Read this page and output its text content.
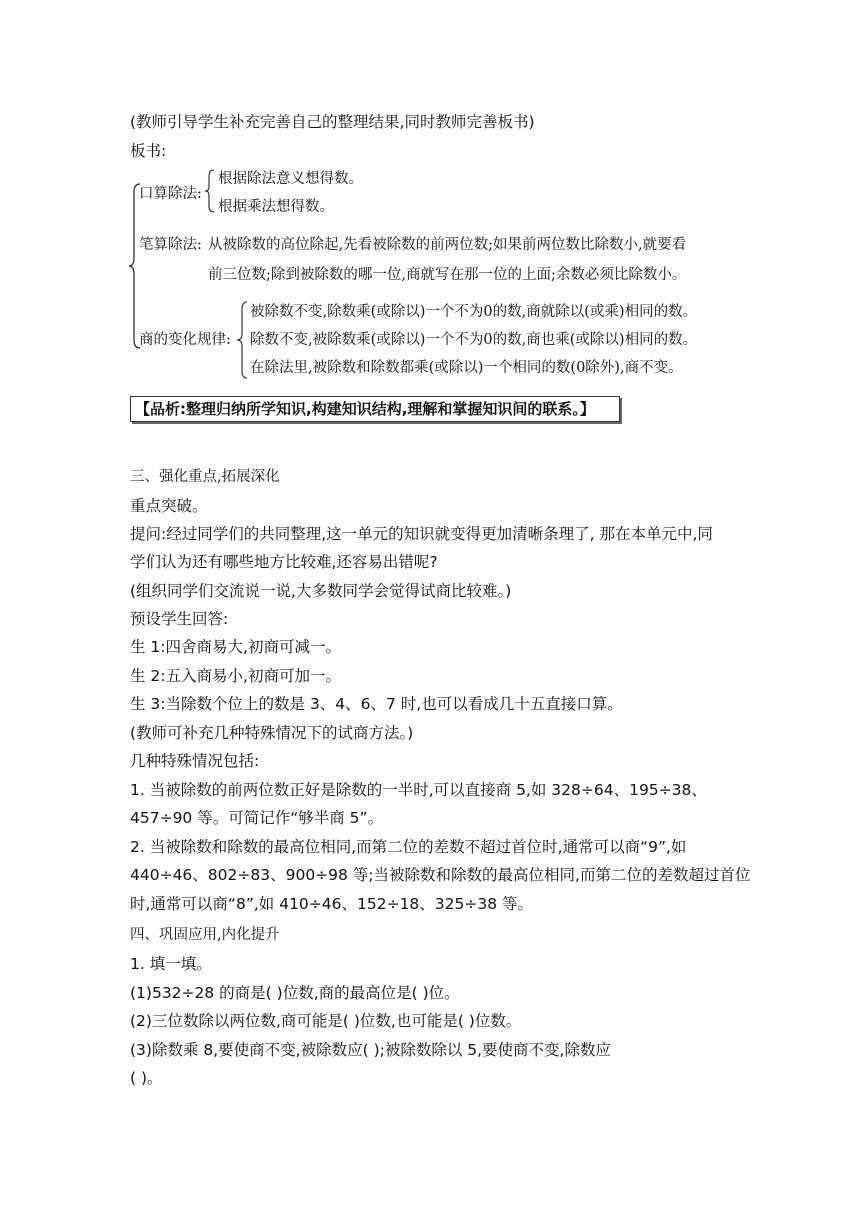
(教师引导学生补充完善自己的整理结果,同时教师完善板书)
板书:
口算除法:
根据除法意义想得数。
根据乘法想得数。
笔算除法: 从被除数的高位除起,先看被除数的前两位数;如果前两位数比除数小,就要看
前三位数;除到被除数的哪一位,商就写在那一位的上面;余数必须比除数小。
商的变化规律:
被除数不变,除数乘(或除以)一个不为0的数,商就除以(或乘)相同的数。
除数不变,被除数乘(或除以)一个不为0的数,商也乘(或除以)相同的数。
在除法里,被除数和除数都乘(或除以)一个相同的数(0除外),商不变。
【品析:整理归纳所学知识,构建知识结构,理解和掌握知识间的联系。】
三、强化重点,拓展深化
重点突破。
提问:经过同学们的共同整理,这一单元的知识就变得更加清晰条理了, 那在本单元中,同
学们认为还有哪些地方比较难,还容易出错呢?
(组织同学们交流说一说,大多数同学会觉得试商比较难。)
预设学生回答:
生 1:四舍商易大,初商可减一。
生 2:五入商易小,初商可加一。
生 3:当除数个位上的数是 3、4、6、7 时,也可以看成几十五直接口算。
(教师可补充几种特殊情况下的试商方法。)
几种特殊情况包括:
1. 当被除数的前两位数正好是除数的一半时,可以直接商 5,如 328÷64、195÷38、
457÷90 等。可简记作“够半商 5”。
2. 当被除数和除数的最高位相同,而第二位的差数不超过首位时,通常可以商“9”,如
440÷46、802÷83、900÷98 等;当被除数和除数的最高位相同,而第二位的差数超过首位
时,通常可以商“8”,如 410÷46、152÷18、325÷38 等。
四、巩固应用,内化提升
1. 填一填。
(1)532÷28 的商是( )位数,商的最高位是( )位。
(2)三位数除以两位数,商可能是( )位数,也可能是( )位数。
(3)除数乘 8,要使商不变,被除数应( );被除数除以 5,要使商不变,除数应
( )。
